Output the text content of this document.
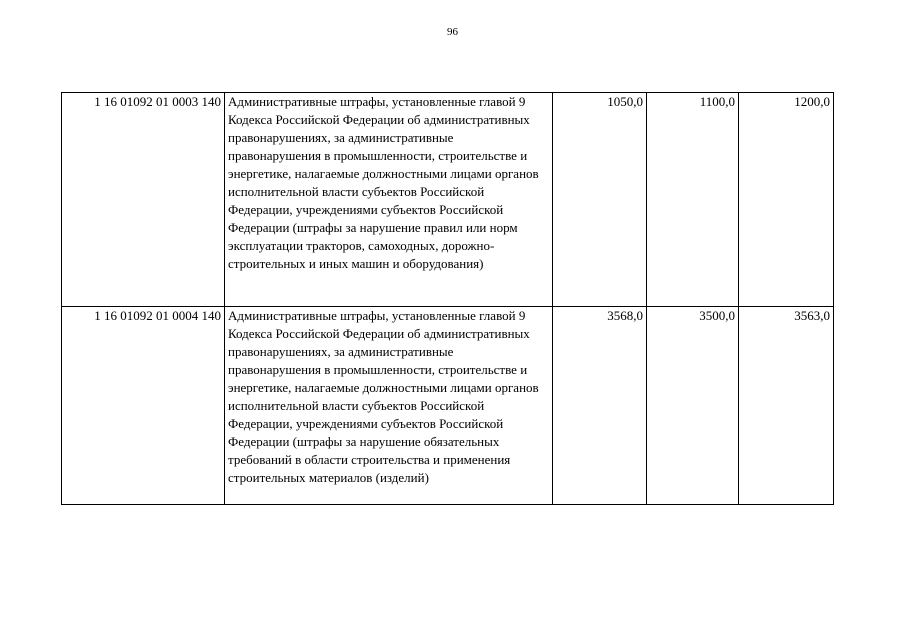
96
1 16 01092 01 0003 140	Административные штрафы, установленные главой 9 Кодекса Российской Федерации об административных правонарушениях, за административные правонарушения в промышленности, строительстве и энергетике, налагаемые должностными лицами органов исполнительной власти субъектов Российской Федерации, учреждениями субъектов Российской Федерации (штрафы за нарушение правил или норм эксплуатации тракторов, самоходных, дорожно-строительных и иных машин и оборудования)	1050,0	1100,0	1200,0
1 16 01092 01 0004 140	Административные штрафы, установленные главой 9 Кодекса Российской Федерации об административных правонарушениях, за административные правонарушения в промышленности, строительстве и энергетике, налагаемые должностными лицами органов исполнительной власти субъектов Российской Федерации, учреждениями субъектов Российской Федерации (штрафы за нарушение обязательных требований в области строительства и применения строительных материалов (изделий)	3568,0	3500,0	3563,0
